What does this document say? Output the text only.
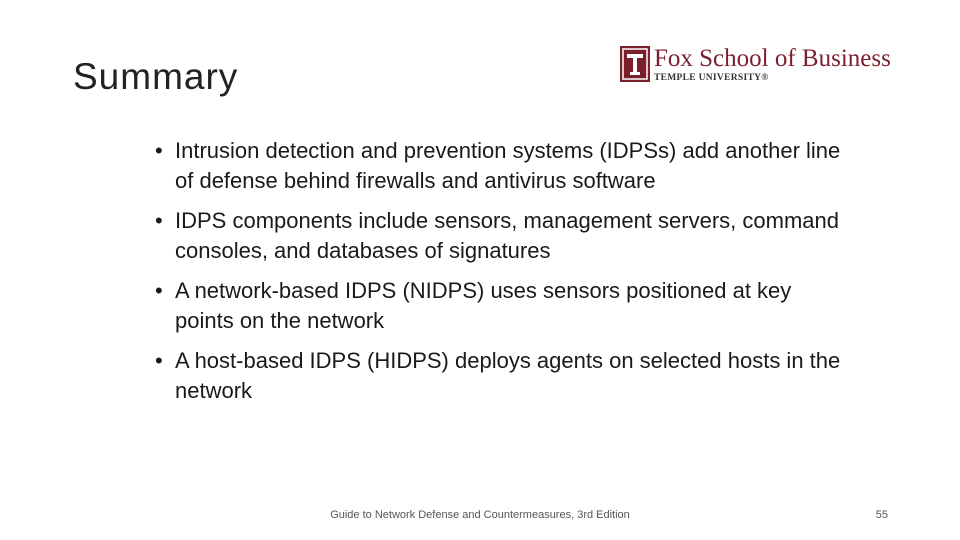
Summary	Fox School of Business
TEMPLE UNIVERSITY®
• Intrusion detection and prevention systems (IDPSs) add another line of defense behind firewalls and antivirus software
• IDPS components include sensors, management servers, command consoles, and databases of signatures
• A network-based IDPS (NIDPS) uses sensors positioned at key points on the network
• A host-based IDPS (HIDPS) deploys agents on selected hosts in the network
Guide to Network Defense and Countermeasures, 3rd Edition	55
